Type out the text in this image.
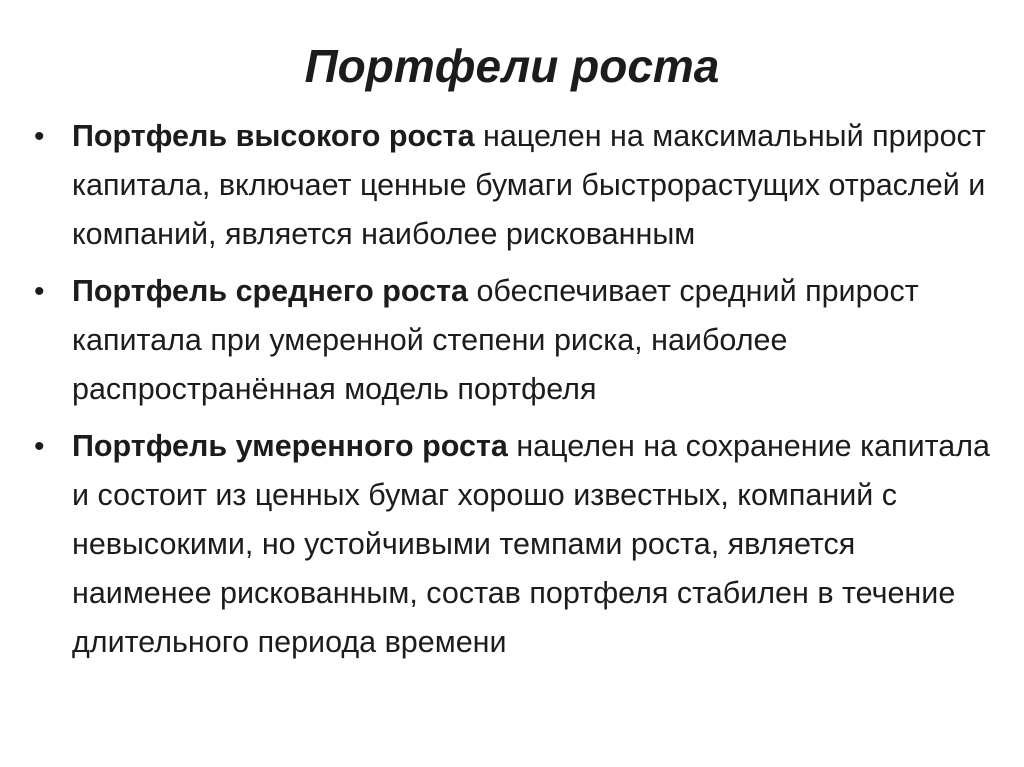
Портфели роста
• Портфель высокого роста нацелен на максимальный прирост капитала, включает ценные бумаги быстрорастущих отраслей и компаний, является наиболее рискованным
• Портфель среднего роста обеспечивает средний прирост капитала при умеренной степени риска, наиболее распространённая модель портфеля
• Портфель умеренного роста нацелен на сохранение капитала и состоит из ценных бумаг хорошо известных, компаний с невысокими, но устойчивыми темпами роста, является наименее рискованным, состав портфеля стабилен в течение длительного периода времени
